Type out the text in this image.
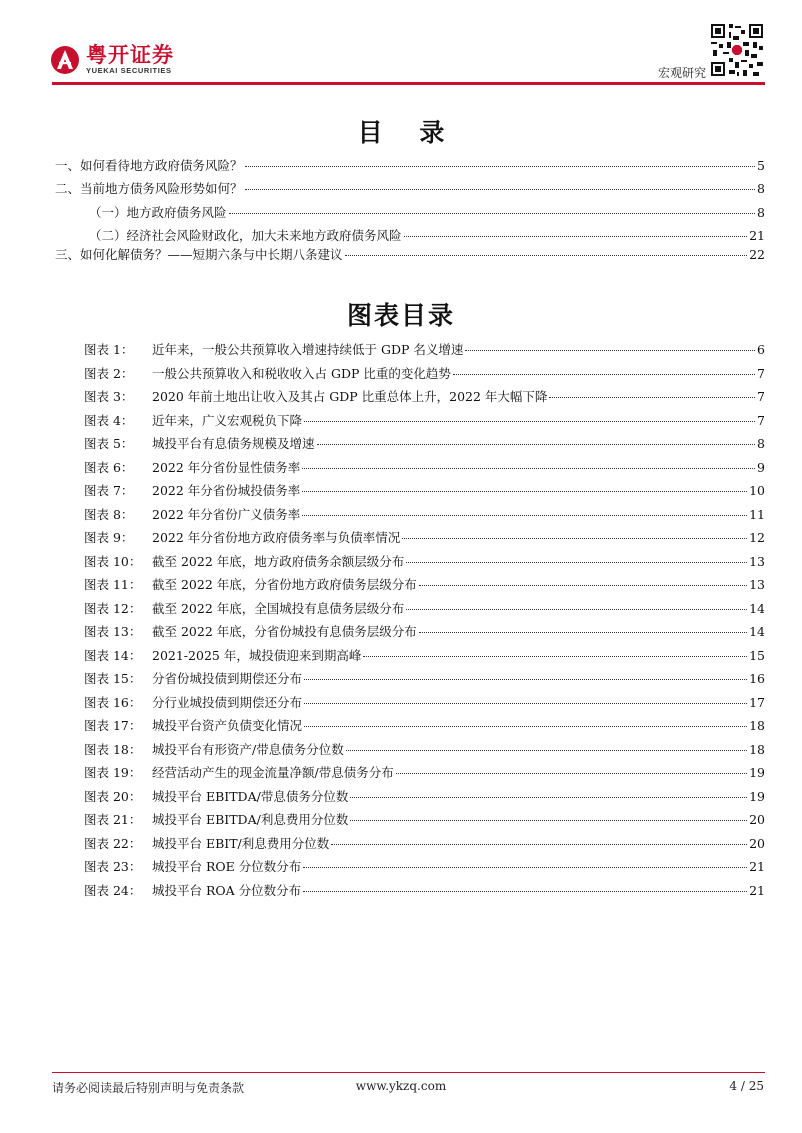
粤开证券
YUEKAI SECURITIES	宏观研究
目 录
一、如何看待地方政府债务风险？	5
二、当前地方债务风险形势如何？	8
（一）地方政府债务风险	8
（二）经济社会风险财政化，加大未来地方政府债务风险	21
三、如何化解债务？——短期六条与中长期八条建议	22
图表目录
图表 1： 近年来，一般公共预算收入增速持续低于 GDP 名义增速	6
图表 2： 一般公共预算收入和税收收入占 GDP 比重的变化趋势	7
图表 3： 2020 年前土地出让收入及其占 GDP 比重总体上升，2022 年大幅下降	7
图表 4： 近年来，广义宏观税负下降	7
图表 5： 城投平台有息债务规模及增速	8
图表 6： 2022 年分省份显性债务率	9
图表 7： 2022 年分省份城投债务率	10
图表 8： 2022 年分省份广义债务率	11
图表 9： 2022 年分省份地方政府债务率与负债率情况	12
图表 10： 截至 2022 年底，地方政府债务余额层级分布	13
图表 11： 截至 2022 年底，分省份地方政府债务层级分布	13
图表 12： 截至 2022 年底，全国城投有息债务层级分布	14
图表 13： 截至 2022 年底，分省份城投有息债务层级分布	14
图表 14： 2021-2025 年，城投债迎来到期高峰	15
图表 15： 分省份城投债到期偿还分布	16
图表 16： 分行业城投债到期偿还分布	17
图表 17： 城投平台资产负债变化情况	18
图表 18： 城投平台有形资产/带息债务分位数	18
图表 19： 经营活动产生的现金流量净额/带息债务分布	19
图表 20： 城投平台 EBITDA/带息债务分位数	19
图表 21： 城投平台 EBITDA/利息费用分位数	20
图表 22： 城投平台 EBIT/利息费用分位数	20
图表 23： 城投平台 ROE 分位数分布	21
图表 24： 城投平台 ROA 分位数分布	21
请务必阅读最后特别声明与免责条款	www.ykzq.com	4 / 25
